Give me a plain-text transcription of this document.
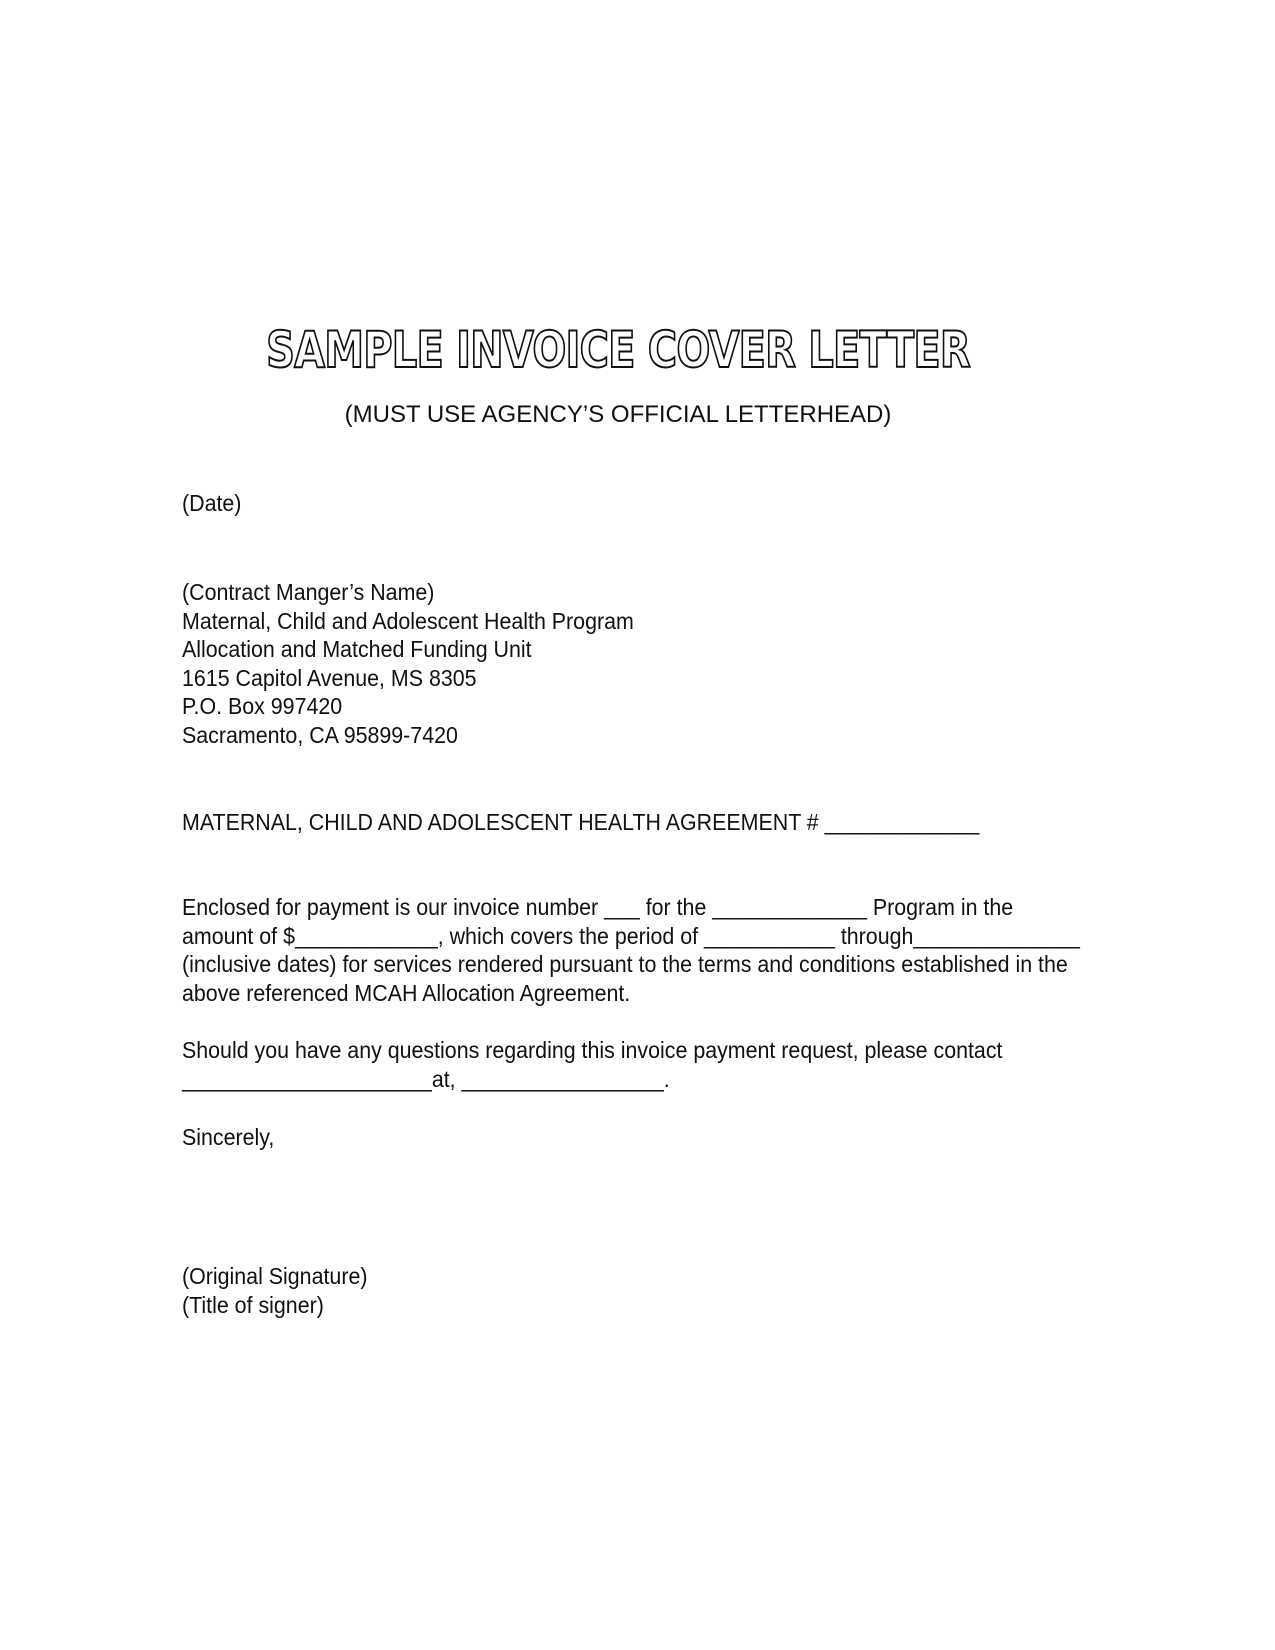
SAMPLE INVOICE COVER LETTER
(MUST USE AGENCY’S OFFICIAL LETTERHEAD)
(Date)
(Contract Manger’s Name)
Maternal, Child and Adolescent Health Program
Allocation and Matched Funding Unit
1615 Capitol Avenue, MS 8305
P.O. Box 997420
Sacramento, CA 95899-7420
MATERNAL, CHILD AND ADOLESCENT HEALTH AGREEMENT # _____________
Enclosed for payment is our invoice number ___ for the _____________ Program in the
amount of $____________, which covers the period of ___________ through______________
(inclusive dates) for services rendered pursuant to the terms and conditions established in the
above referenced MCAH Allocation Agreement.
Should you have any questions regarding this invoice payment request, please contact
_____________________at, _________________.
Sincerely,
(Original Signature)
(Title of signer)
